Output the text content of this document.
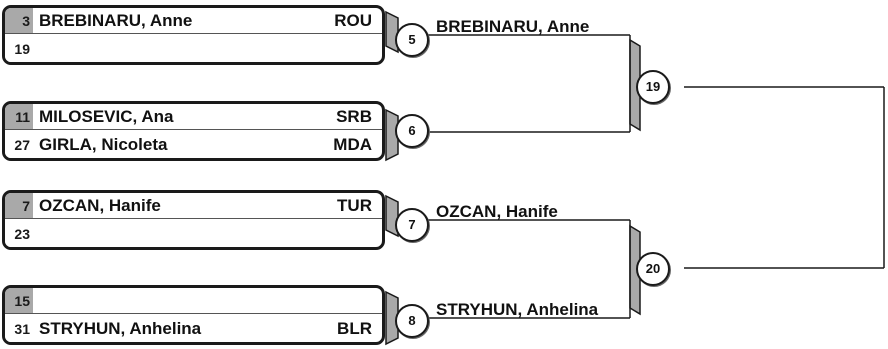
3 BREBINARU, Anne	ROU
19
11 MILOSEVIC, Ana	SRB
27 GIRLA, Nicoleta	MDA
7 OZCAN, Hanife	TUR
23
15
31 STRYHUN, Anhelina	BLR
5
6
7
8
19
20
BREBINARU, Anne
OZCAN, Hanife
STRYHUN, Anhelina
